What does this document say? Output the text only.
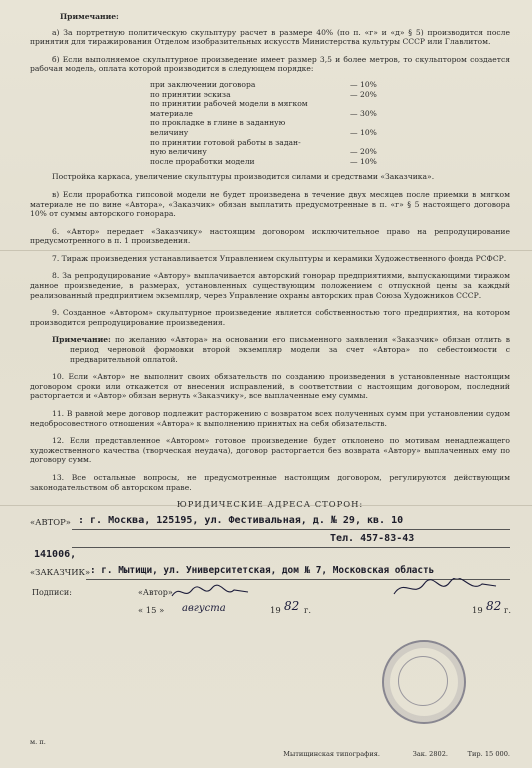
Примечание:

а) За портретную политическую скульптуру расчет в размере 40% (по п. «г» и «д» § 5) производится после принятия для тиражирования Отделом изобразительных искусств Министерства культуры СССР или Главлитом.

б) Если выполняемое скульптурное произведение имеет размер 3,5 и более метров, то скульптором создается рабочая модель, оплата которой производится в следующем порядке:

при заключении договора	— 10%
по принятии эскиза	— 20%
по принятии рабочей модели в мягком	
материале	— 30%
по прокладке в глине в заданную	
величину	— 10%
по принятии готовой работы в задан-	
ную величину	— 20%
после проработки модели	— 10%

Постройка каркаса, увеличение скульптуры производится силами и средствами «Заказчика».

в) Если проработка гипсовой модели не будет произведена в течение двух месяцев после приемки в мягком материале не по вине «Автора», «Заказчик» обязан выплатить предусмотренные в п. «г» § 5 настоящего договора 10% от суммы авторского гонорара.

6. «Автор» передает «Заказчику» настоящим договором исключительное право на репродуцирование предусмотренного в п. 1 произведения.

7. Тираж произведения устанавливается Управлением скульптуры и керамики Художественного фонда РСФСР.

8. За репродуцирование «Автору» выплачивается авторский гонорар предприятиями, выпускающими тиражом данное произведение, в размерах, установленных существующим положением с отпускной цены за каждый реализованный предприятием экземпляр, через Управление охраны авторских прав Союза Художников СССР.

9. Созданное «Автором» скульптурное произведение является собственностью того предприятия, на котором производится репродуцирование произведения.

Примечание: по желанию «Автора» на основании его письменного заявления «Заказчик» обязан отлить в период черновой формовки второй экземпляр модели за счет «Автора» по себестоимости с предварительной оплатой.

10. Если «Автор» не выполнит своих обязательств по созданию произведения в установленные настоящим договором сроки или откажется от внесения исправлений, в соответствии с настоящим договором, последний расторгается и «Автор» обязан вернуть «Заказчику», все выплаченные ему суммы.

11. В равной мере договор подлежит расторжению с возвратом всех полученных сумм при установлении судом недобросовестного отношения «Автора» к выполнению принятых на себя обязательств.

12. Если представленное «Автором» готовое произведение будет отклонено по мотивам ненадлежащего художественного качества (творческая неудача), договор расторгается без возврата «Автору» выплаченных ему по договору сумм.

13. Все остальные вопросы, не предусмотренные настоящим договором, регулируются действующим законодательством об авторском праве.

ЮРИДИЧЕСКИЕ АДРЕСА СТОРОН:
«АВТОР» : г. Москва, 125195, ул. Фестивальная, д. № 29, кв. 10
Тел. 457-83-43
141006,
«ЗАКАЗЧИК» : г. Мытищи, ул. Университетская, дом № 7, Московская область
Подписи:	«Автор»
« 15 » августа	19 82 г.	19 82 г.
м. п.
Мытищинская типография.	Зак. 2802.	Тир. 15 000.
